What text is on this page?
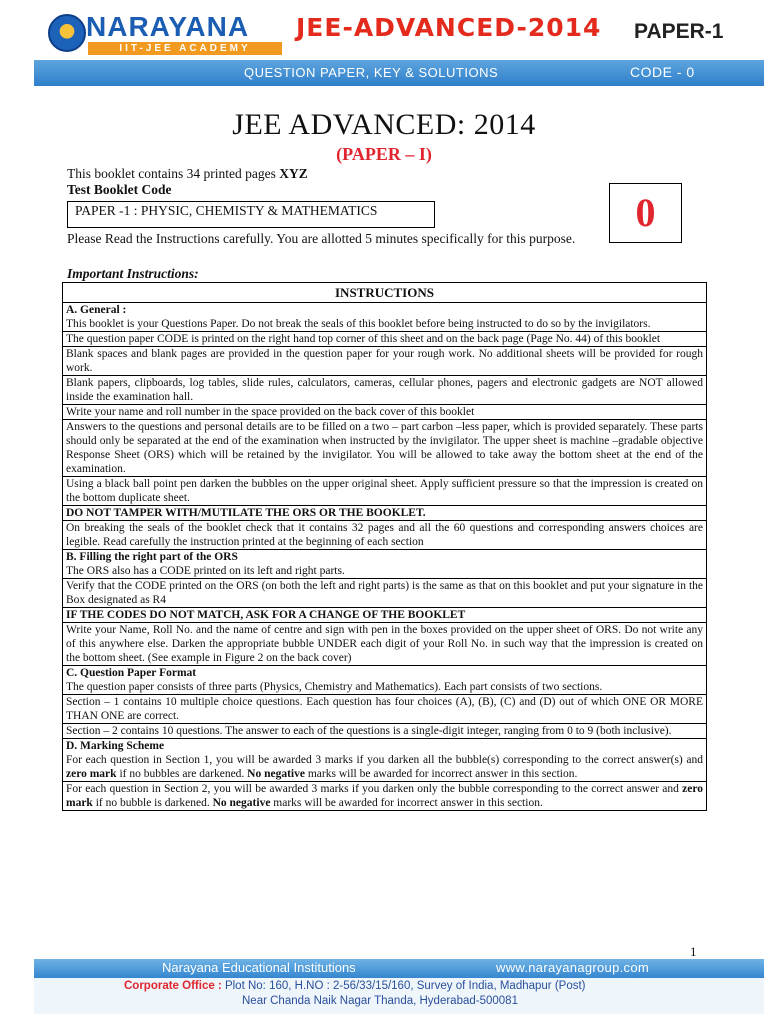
NARAYANA
IIT-JEE ACADEMY
JEE-ADVANCED-2014 PAPER-1
QUESTION PAPER, KEY & SOLUTIONS	CODE - 0
JEE ADVANCED: 2014
(PAPER – I)
This booklet contains 34 printed pages XYZ
Test Booklet Code
PAPER -1 : PHYSIC, CHEMISTY & MATHEMATICS	0
Please Read the Instructions carefully. You are allotted 5 minutes specifically for this purpose.
Important Instructions:
INSTRUCTIONS
A. General :
This booklet is your Questions Paper. Do not break the seals of this booklet before being instructed to do so by the invigilators.
The question paper CODE is printed on the right hand top corner of this sheet and on the back page (Page No. 44) of this booklet
Blank spaces and blank pages are provided in the question paper for your rough work. No additional sheets will be provided for rough work.
Blank papers, clipboards, log tables, slide rules, calculators, cameras, cellular phones, pagers and electronic gadgets are NOT allowed inside the examination hall.
Write your name and roll number in the space provided on the back cover of this booklet
Answers to the questions and personal details are to be filled on a two – part carbon –less paper, which is provided separately. These parts should only be separated at the end of the examination when instructed by the invigilator. The upper sheet is machine –gradable objective Response Sheet (ORS) which will be retained by the invigilator. You will be allowed to take away the bottom sheet at the end of the examination.
Using a black ball point pen darken the bubbles on the upper original sheet. Apply sufficient pressure so that the impression is created on the bottom duplicate sheet.
DO NOT TAMPER WITH/MUTILATE THE ORS OR THE BOOKLET.
On breaking the seals of the booklet check that it contains 32 pages and all the 60 questions and corresponding answers choices are legible. Read carefully the instruction printed at the beginning of each section
B. Filling the right part of the ORS
The ORS also has a CODE printed on its left and right parts.
Verify that the CODE printed on the ORS (on both the left and right parts) is the same as that on this booklet and put your signature in the Box designated as R4
IF THE CODES DO NOT MATCH, ASK FOR A CHANGE OF THE BOOKLET
Write your Name, Roll No. and the name of centre and sign with pen in the boxes provided on the upper sheet of ORS. Do not write any of this anywhere else. Darken the appropriate bubble UNDER each digit of your Roll No. in such way that the impression is created on the bottom sheet. (See example in Figure 2 on the back cover)
C. Question Paper Format
The question paper consists of three parts (Physics, Chemistry and Mathematics). Each part consists of two sections.
Section – 1 contains 10 multiple choice questions. Each question has four choices (A), (B), (C) and (D) out of which ONE OR MORE THAN ONE are correct.
Section – 2 contains 10 questions. The answer to each of the questions is a single-digit integer, ranging from 0 to 9 (both inclusive).
D. Marking Scheme
For each question in Section 1, you will be awarded 3 marks if you darken all the bubble(s) corresponding to the correct answer(s) and zero mark if no bubbles are darkened. No negative marks will be awarded for incorrect answer in this section.
For each question in Section 2, you will be awarded 3 marks if you darken only the bubble corresponding to the correct answer and zero mark if no bubble is darkened. No negative marks will be awarded for incorrect answer in this section.
1
Narayana Educational Institutions	www.narayanagroup.com
Corporate Office : Plot No: 160, H.NO : 2-56/33/15/160, Survey of India, Madhapur (Post)
Near Chanda Naik Nagar Thanda, Hyderabad-500081
